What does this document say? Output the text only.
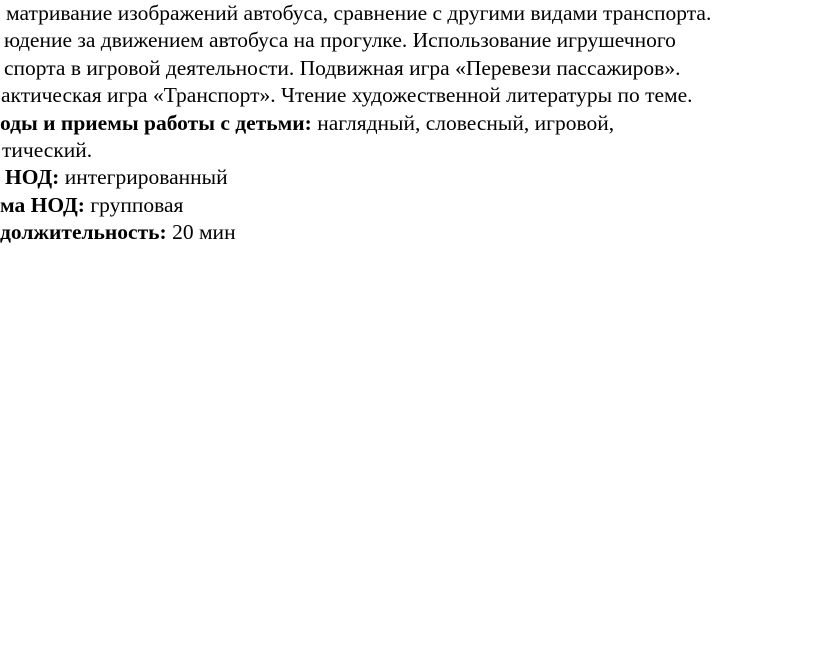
матривание изображений автобуса, сравнение с другими видами транспорта.
юдение за движением автобуса на прогулке. Использование игрушечного
спорта в игровой деятельности. Подвижная игра «Перевези пассажиров».
актическая игра «Транспорт». Чтение художественной литературы по теме.
оды и приемы работы с детьми: наглядный, словесный, игровой,
тический.
НОД: интегрированный
ма НОД: групповая
должительность: 20 мин
